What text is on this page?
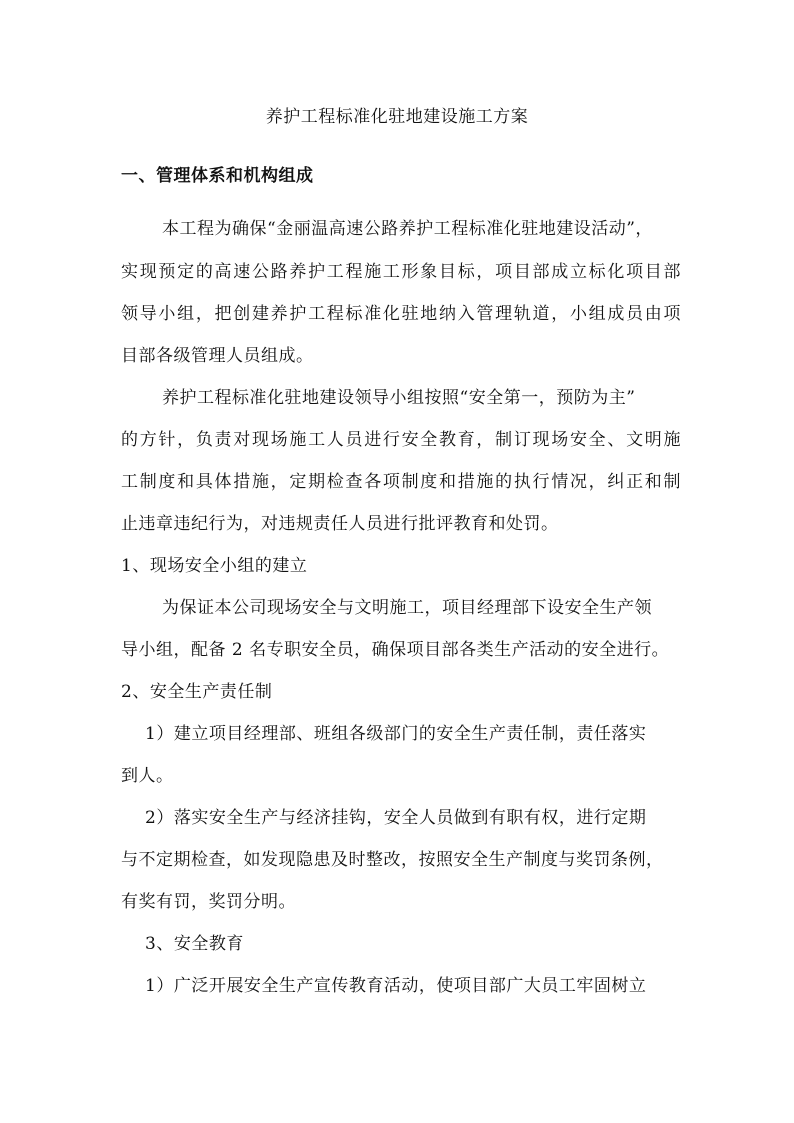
养护工程标准化驻地建设施工方案
一、管理体系和机构组成
本工程为确保“金丽温高速公路养护工程标准化驻地建设活动”，
实现预定的高速公路养护工程施工形象目标，项目部成立标化项目部
领导小组，把创建养护工程标准化驻地纳入管理轨道，小组成员由项
目部各级管理人员组成。
养护工程标准化驻地建设领导小组按照“安全第一，预防为主”
的方针，负责对现场施工人员进行安全教育，制订现场安全、文明施
工制度和具体措施，定期检查各项制度和措施的执行情况，纠正和制
止违章违纪行为，对违规责任人员进行批评教育和处罚。
1、现场安全小组的建立
为保证本公司现场安全与文明施工，项目经理部下设安全生产领
导小组，配备 2 名专职安全员，确保项目部各类生产活动的安全进行。
2、安全生产责任制
1）建立项目经理部、班组各级部门的安全生产责任制，责任落实
到人。
2）落实安全生产与经济挂钩，安全人员做到有职有权，进行定期
与不定期检查，如发现隐患及时整改，按照安全生产制度与奖罚条例，
有奖有罚，奖罚分明。
3、安全教育
1）广泛开展安全生产宣传教育活动，使项目部广大员工牢固树立
